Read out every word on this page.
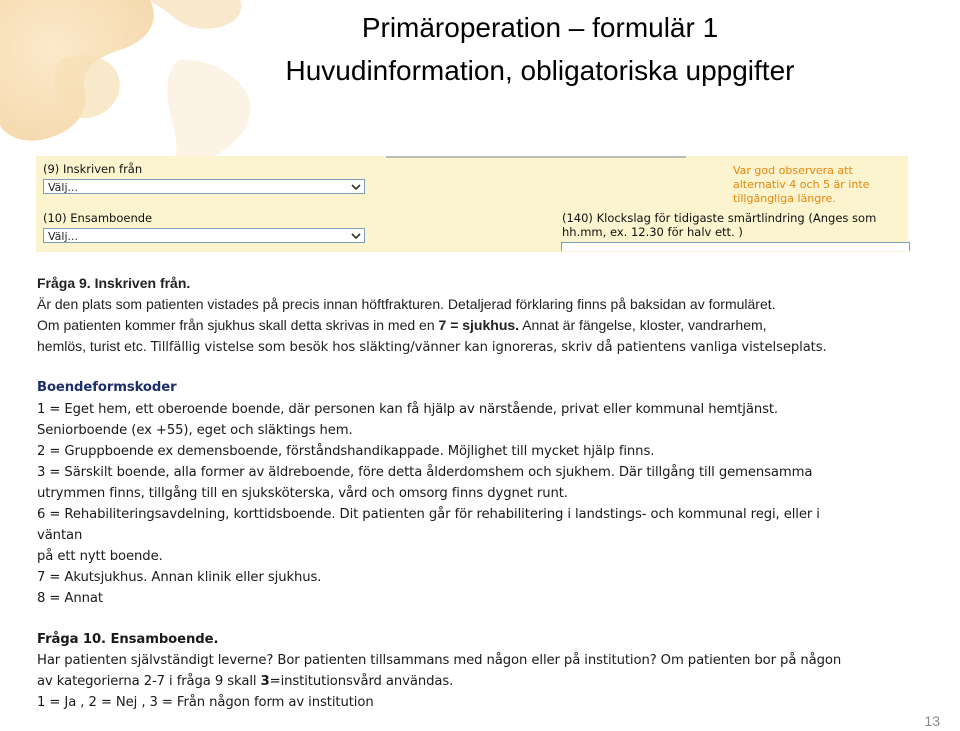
Primäroperation – formulär 1
Huvudinformation, obligatoriska uppgifter
(9) Inskriven från
Välj...
(10) Ensamboende
Välj...
Var god observera att
alternativ 4 och 5 är inte
tillgängliga längre.
(140) Klockslag för tidigaste smärtlindring (Anges som
hh.mm, ex. 12.30 för halv ett. )
Fråga 9. Inskriven från.
Är den plats som patienten vistades på precis innan höftfrakturen. Detaljerad förklaring finns på baksidan av formuläret.
Om patienten kommer från sjukhus skall detta skrivas in med en 7 = sjukhus. Annat är fängelse, kloster, vandrarhem,
hemlös, turist etc. Tillfällig vistelse som besök hos släkting/vänner kan ignoreras, skriv då patientens vanliga vistelseplats.
Boendeformskoder
1 = Eget hem, ett oberoende boende, där personen kan få hjälp av närstående, privat eller kommunal hemtjänst.
Seniorboende (ex +55), eget och släktings hem.
2 = Gruppboende ex demensboende, förståndshandikappade. Möjlighet till mycket hjälp finns.
3 = Särskilt boende, alla former av äldreboende, före detta ålderdomshem och sjukhem. Där tillgång till gemensamma
utrymmen finns, tillgång till en sjuksköterska, vård och omsorg finns dygnet runt.
6 = Rehabiliteringsavdelning, korttidsboende. Dit patienten går för rehabilitering i landstings- och kommunal regi, eller i
väntan
på ett nytt boende.
7 = Akutsjukhus. Annan klinik eller sjukhus.
8 = Annat
Fråga 10. Ensamboende.
Har patienten självständigt leverne? Bor patienten tillsammans med någon eller på institution? Om patienten bor på någon
av kategorierna 2-7 i fråga 9 skall 3=institutionsvård användas.
1 = Ja , 2 = Nej , 3 = Från någon form av institution
13
